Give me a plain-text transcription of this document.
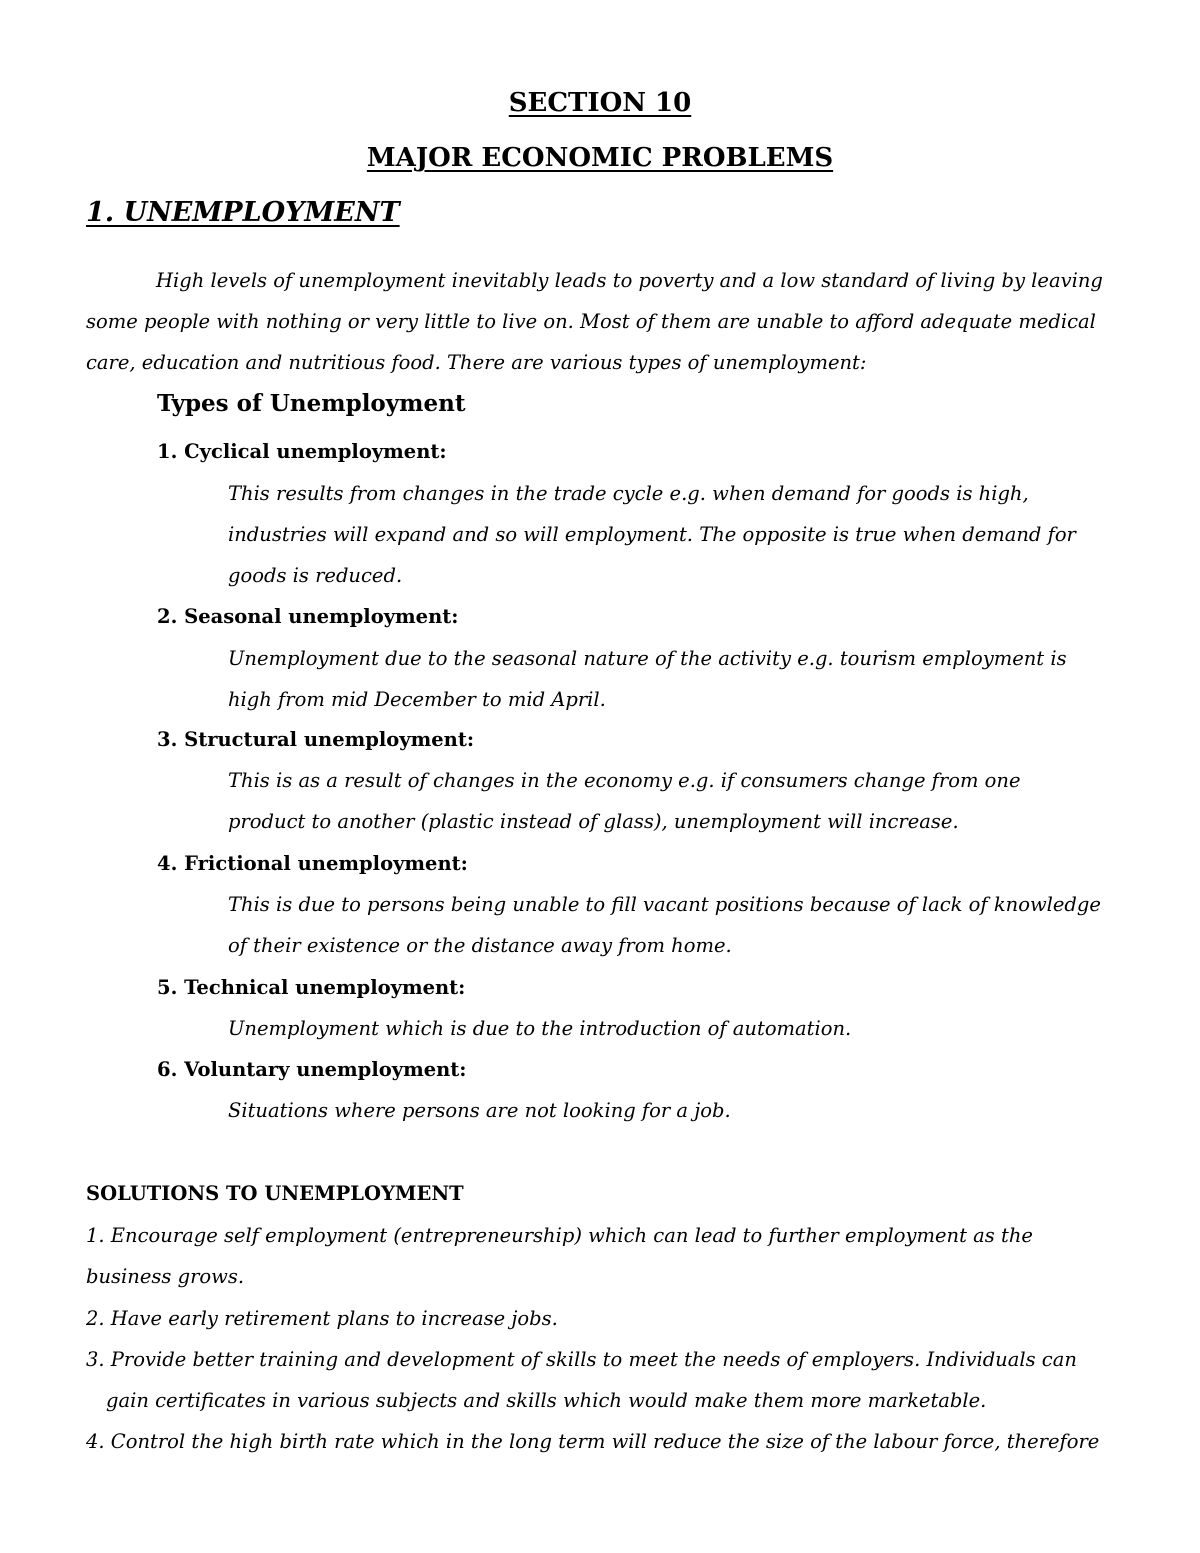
SECTION 10
MAJOR ECONOMIC PROBLEMS
1. UNEMPLOYMENT
High levels of unemployment inevitably leads to poverty and a low standard of living by leaving some people with nothing or very little to live on. Most of them are unable to afford adequate medical care, education and nutritious food. There are various types of unemployment:
Types of Unemployment
1. Cyclical unemployment:
This results from changes in the trade cycle e.g. when demand for goods is high, industries will expand and so will employment. The opposite is true when demand for goods is reduced.
2. Seasonal unemployment:
Unemployment due to the seasonal nature of the activity e.g. tourism employment is high from mid December to mid April.
3. Structural unemployment:
This is as a result of changes in the economy e.g. if consumers change from one product to another (plastic instead of glass), unemployment will increase.
4. Frictional unemployment:
This is due to persons being unable to fill vacant positions because of lack of knowledge of their existence or the distance away from home.
5. Technical unemployment:
Unemployment which is due to the introduction of automation.
6. Voluntary unemployment:
Situations where persons are not looking for a job.
SOLUTIONS TO UNEMPLOYMENT
1. Encourage self employment (entrepreneurship) which can lead to further employment as the business grows.
2. Have early retirement plans to increase jobs.
3. Provide better training and development of skills to meet the needs of employers. Individuals can gain certificates in various subjects and skills which would make them more marketable.
4. Control the high birth rate which in the long term will reduce the size of the labour force, therefore
